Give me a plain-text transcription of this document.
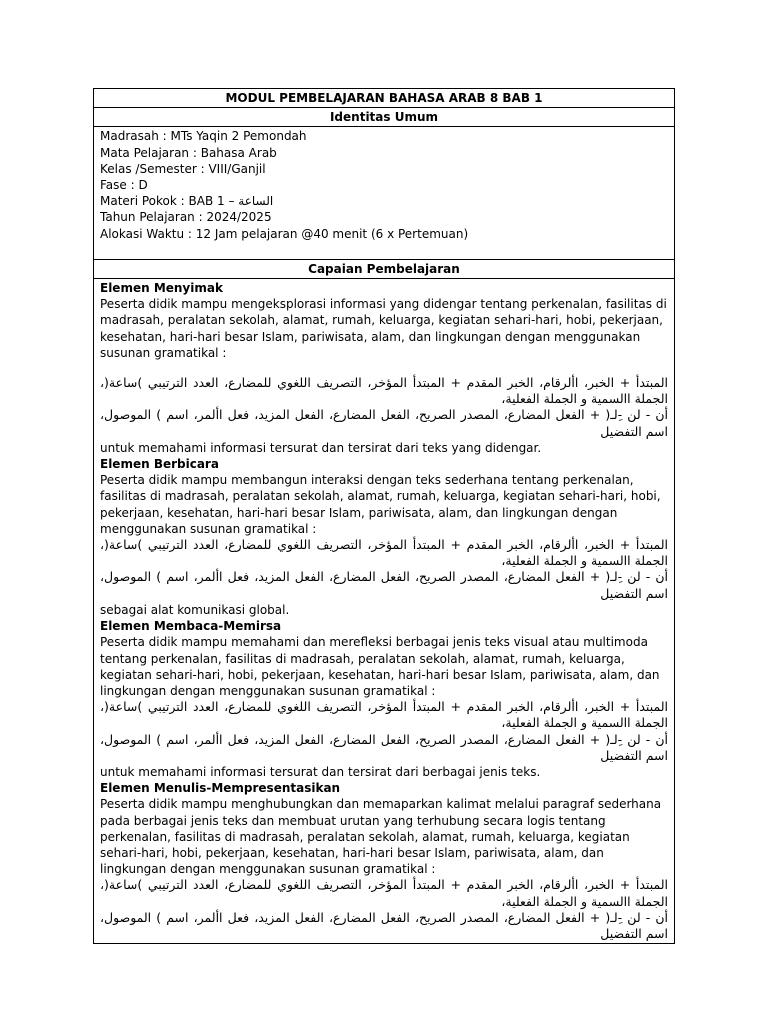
MODUL PEMBELAJARAN BAHASA ARAB 8 BAB 1
Identitas Umum

Madrasah : MTs Yaqin 2 Pemondah

Mata Pelajaran : Bahasa Arab

Kelas /Semester : VIII/Ganjil

Fase : D

Materi Pokok : BAB 1 – الساعة

Tahun Pelajaran : 2024/2025

Alokasi Waktu : 12 Jam pelajaran @40 menit (6 x Pertemuan)

Capaian Pembelajaran

Elemen Menyimak

Peserta didik mampu mengeksplorasi informasi yang didengar tentang perkenalan, fasilitas di madrasah, peralatan sekolah, alamat, rumah, keluarga, kegiatan sehari-hari, hobi, pekerjaan, kesehatan, hari-hari besar Islam, pariwisata, alam, dan lingkungan dengan menggunakan susunan gramatikal :

المبتدأ + الخبر، األرقام، الخبر المقدم + المبتدأ المؤخر، التصريف اللغوي للمضارع، العدد الترتيبي )ساعة(، الجملة االسمية و الجملة الفعلية،

أن - لن -ِلـ( + الفعل المضارع، المصدر الصريح، الفعل المضارع، الفعل المزيد، فعل األمر، اسم ) الموصول، اسم التفضيل

untuk memahami informasi tersurat dan tersirat dari teks yang didengar.

Elemen Berbicara

Peserta didik mampu membangun interaksi dengan teks sederhana tentang perkenalan, fasilitas di madrasah, peralatan sekolah, alamat, rumah, keluarga, kegiatan sehari-hari, hobi, pekerjaan, kesehatan, hari-hari besar Islam, pariwisata, alam, dan lingkungan dengan menggunakan susunan gramatikal :

المبتدأ + الخبر، األرقام، الخبر المقدم + المبتدأ المؤخر، التصريف اللغوي للمضارع، العدد الترتيبي )ساعة(، الجملة االسمية و الجملة الفعلية،

أن - لن -ِلـ( + الفعل المضارع، المصدر الصريح، الفعل المضارع، الفعل المزيد، فعل األمر، اسم ) الموصول، اسم التفضيل

sebagai alat komunikasi global.

Elemen Membaca-Memirsa

Peserta didik mampu memahami dan merefleksi berbagai jenis teks visual atau multimoda tentang perkenalan, fasilitas di madrasah, peralatan sekolah, alamat, rumah, keluarga, kegiatan sehari-hari, hobi, pekerjaan, kesehatan, hari-hari besar Islam, pariwisata, alam, dan lingkungan dengan menggunakan susunan gramatikal :

المبتدأ + الخبر، األرقام، الخبر المقدم + المبتدأ المؤخر، التصريف اللغوي للمضارع، العدد الترتيبي )ساعة(، الجملة االسمية و الجملة الفعلية،

أن - لن -ِلـ( + الفعل المضارع، المصدر الصريح، الفعل المضارع، الفعل المزيد، فعل األمر، اسم ) الموصول، اسم التفضيل

untuk memahami informasi tersurat dan tersirat dari berbagai jenis teks.

Elemen Menulis-Mempresentasikan

Peserta didik mampu menghubungkan dan memaparkan kalimat melalui paragraf sederhana pada berbagai jenis teks dan membuat urutan yang terhubung secara logis tentang perkenalan, fasilitas di madrasah, peralatan sekolah, alamat, rumah, keluarga, kegiatan sehari-hari, hobi, pekerjaan, kesehatan, hari-hari besar Islam, pariwisata, alam, dan lingkungan dengan menggunakan susunan gramatikal :

المبتدأ + الخبر، األرقام، الخبر المقدم + المبتدأ المؤخر، التصريف اللغوي للمضارع، العدد الترتيبي )ساعة(، الجملة االسمية و الجملة الفعلية،

أن - لن -ِلـ( + الفعل المضارع، المصدر الصريح، الفعل المضارع، الفعل المزيد، فعل األمر، اسم ) الموصول، اسم التفضيل
